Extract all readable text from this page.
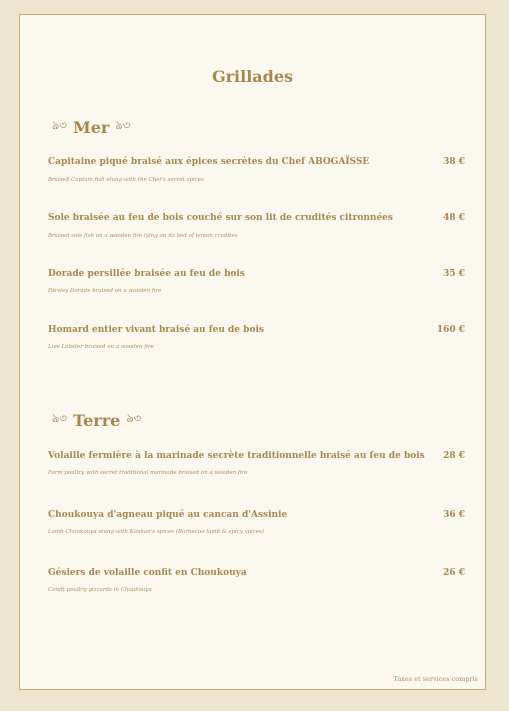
Grillades
ঌ৩ Mer ঌ৩
Capitaine piqué braisé aux épices secrètes du Chef ABOGAÏSSE	38 €
Braised Captain fish stung with the Chef's secret spices
Sole braisée au feu de bois couché sur son lit de crudités citronnées	48 €
Braised sole fish on a wooden fire lying on its bed of lemon crudites
Dorade persillée braisée au feu de bois	35 €
Parsley Dorade braised on a wooden fire
Homard entier vivant braisé au feu de bois	160 €
Live Lobster braised on a wooden fire
ঌ৩ Terre ঌ৩
Volaille fermière à la marinade secrète traditionnelle braisé au feu de bois 28 €
Farm poultry with secret traditional marinade braised on a wooden fire
Choukouya d'agneau piqué au cancan d'Assinie	36 €
Lamb Choukouya stung with Kankan's spices (Barbecue lamb & spicy spices)
Gésiers de volaille confit en Choukouya	26 €
Confit poultry gizzards in Choukouya
Taxes et services compris
